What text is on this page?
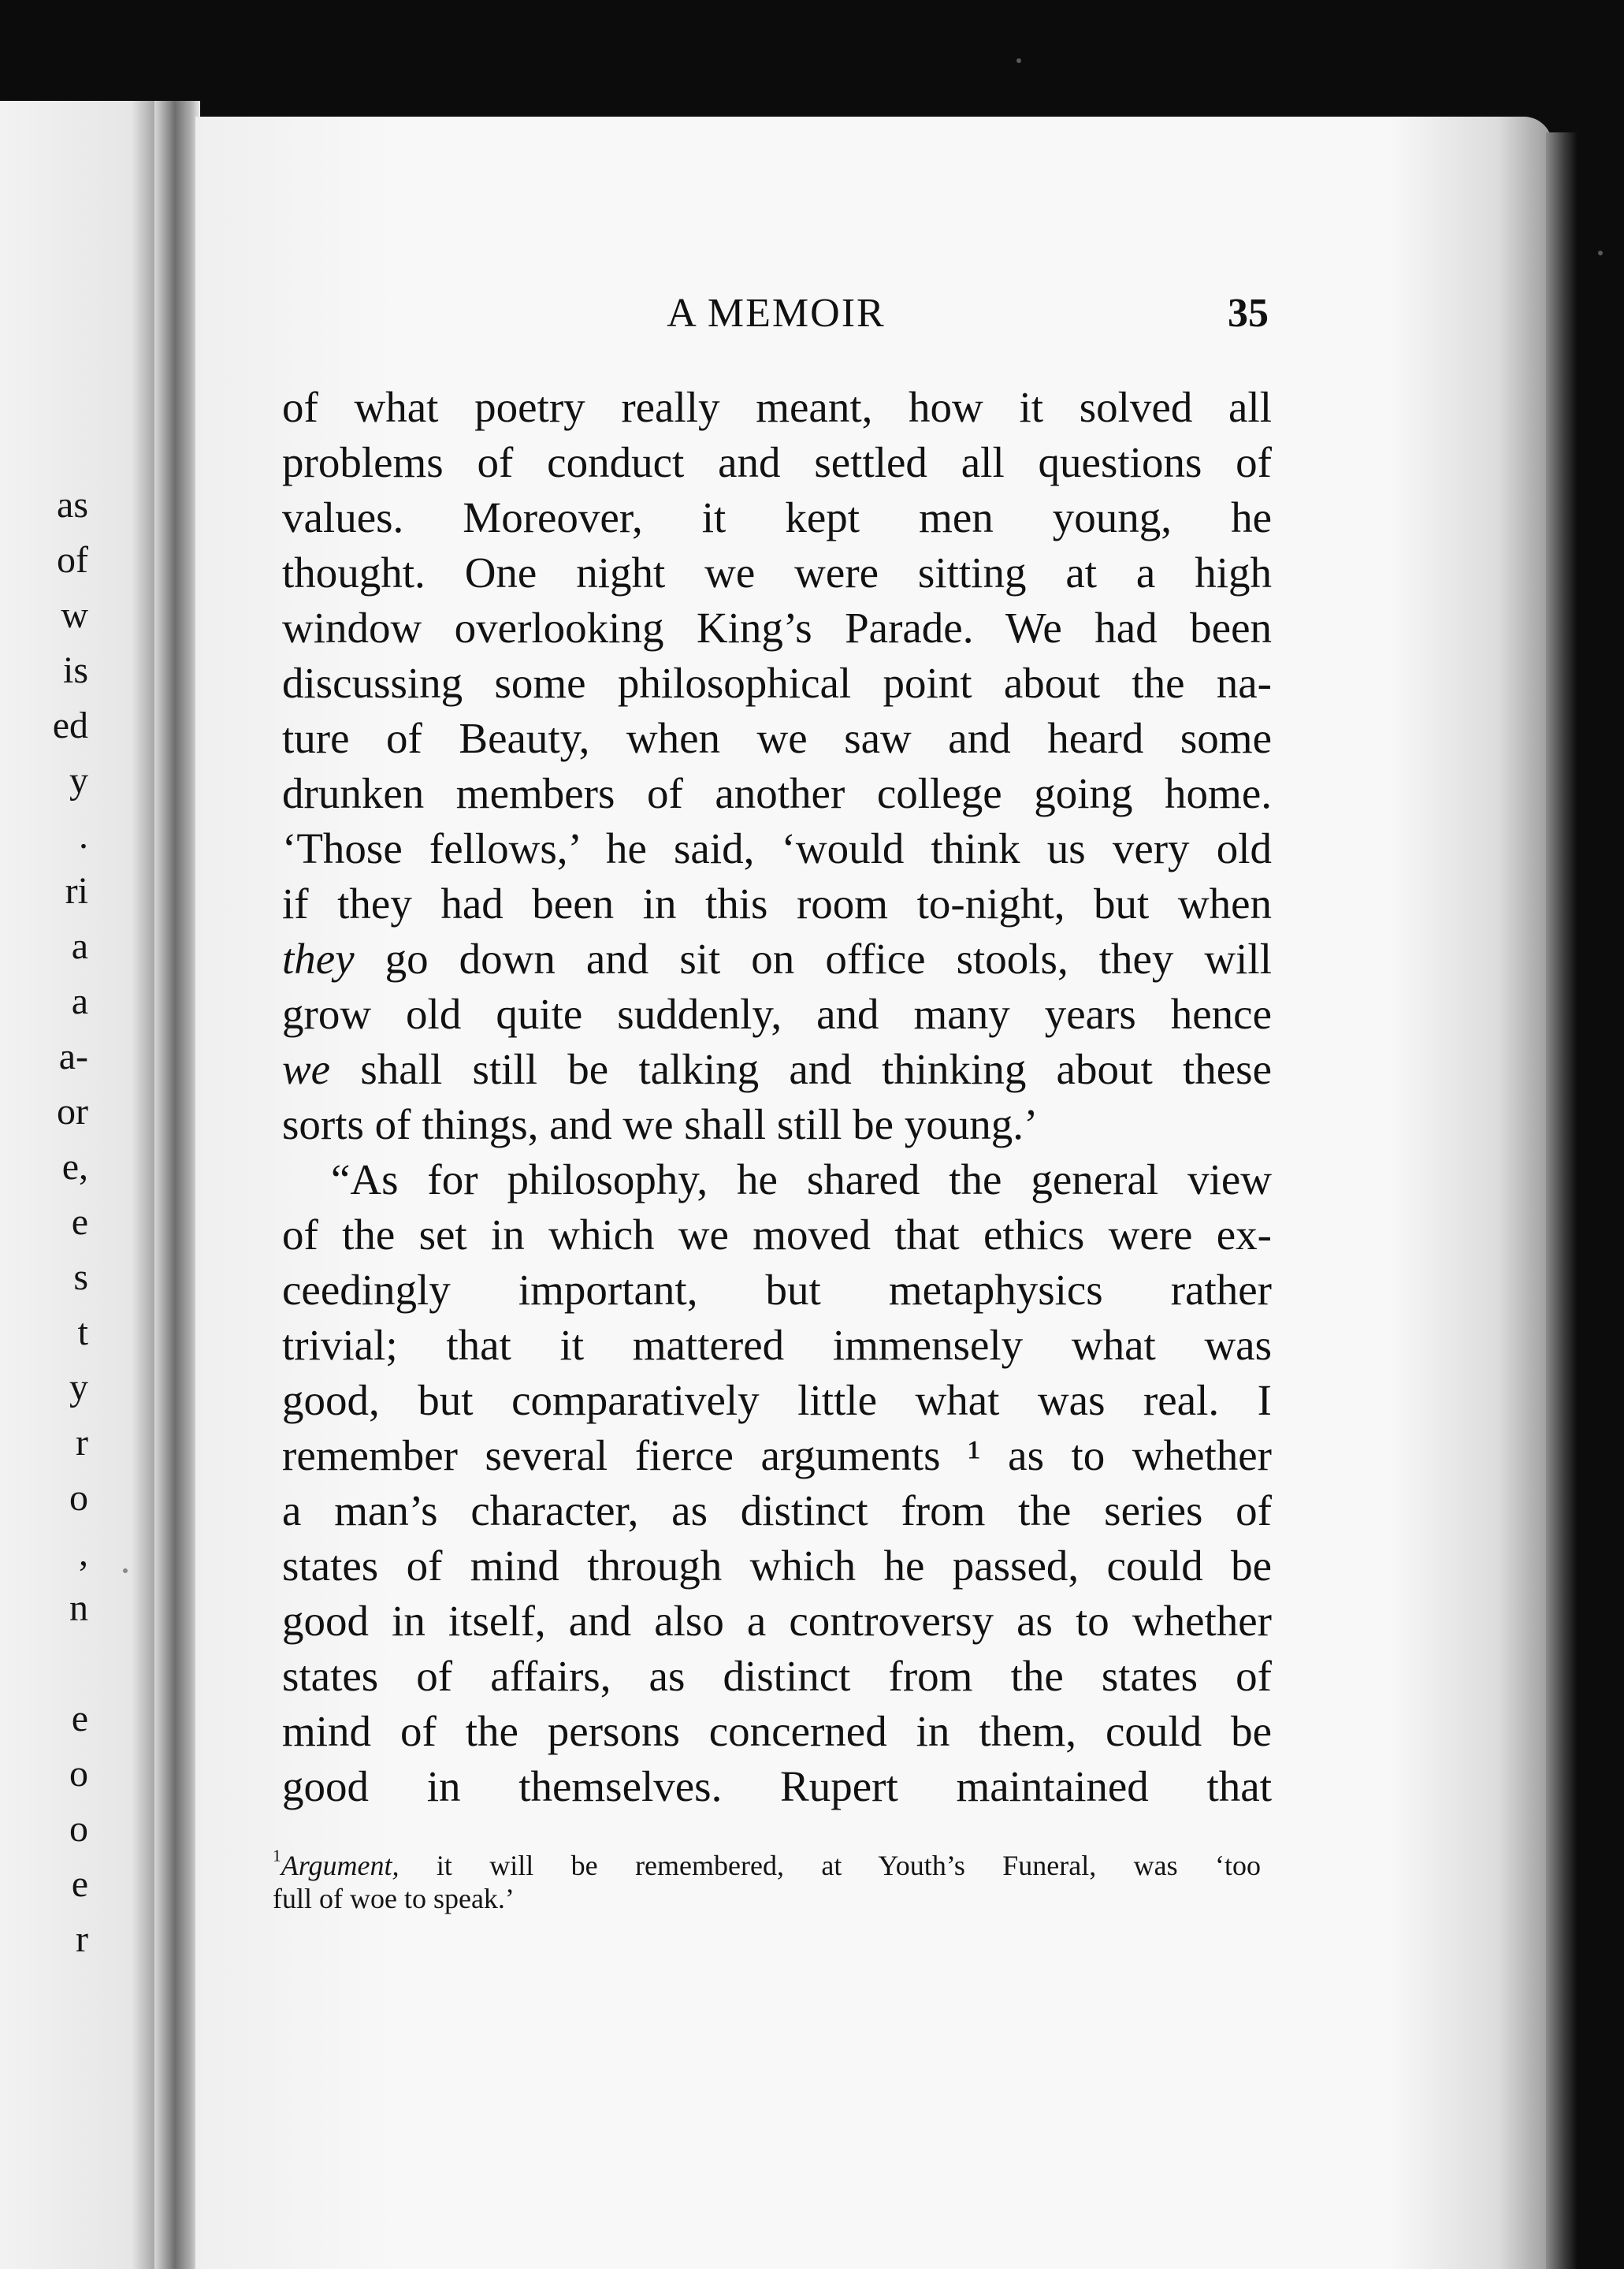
as
of
w
is
ed
y
.
ri
a
a
a-
or
e,
e
s
t
y
r
o
,
n
e
o
o
e
r
A MEMOIR	35
of what poetry really meant, how it solved all
problems of conduct and settled all questions of
values. Moreover, it kept men young, he
thought. One night we were sitting at a high
window overlooking King’s Parade. We had been
discussing some philosophical point about the na-
ture of Beauty, when we saw and heard some
drunken members of another college going home.
‘Those fellows,’ he said, ‘would think us very old
if they had been in this room to-night, but when
they go down and sit on office stools, they will
grow old quite suddenly, and many years hence
we shall still be talking and thinking about these
sorts of things, and we shall still be young.’
“As for philosophy, he shared the general view
of the set in which we moved that ethics were ex-
ceedingly important, but metaphysics rather
trivial; that it mattered immensely what was
good, but comparatively little what was real. I
remember several fierce arguments ¹ as to whether
a man’s character, as distinct from the series of
states of mind through which he passed, could be
good in itself, and also a controversy as to whether
states of affairs, as distinct from the states of
mind of the persons concerned in them, could be
good in themselves. Rupert maintained that
$^1$Argument, it will be remembered, at Youth’s Funeral, was ‘too
full of woe to speak.’
